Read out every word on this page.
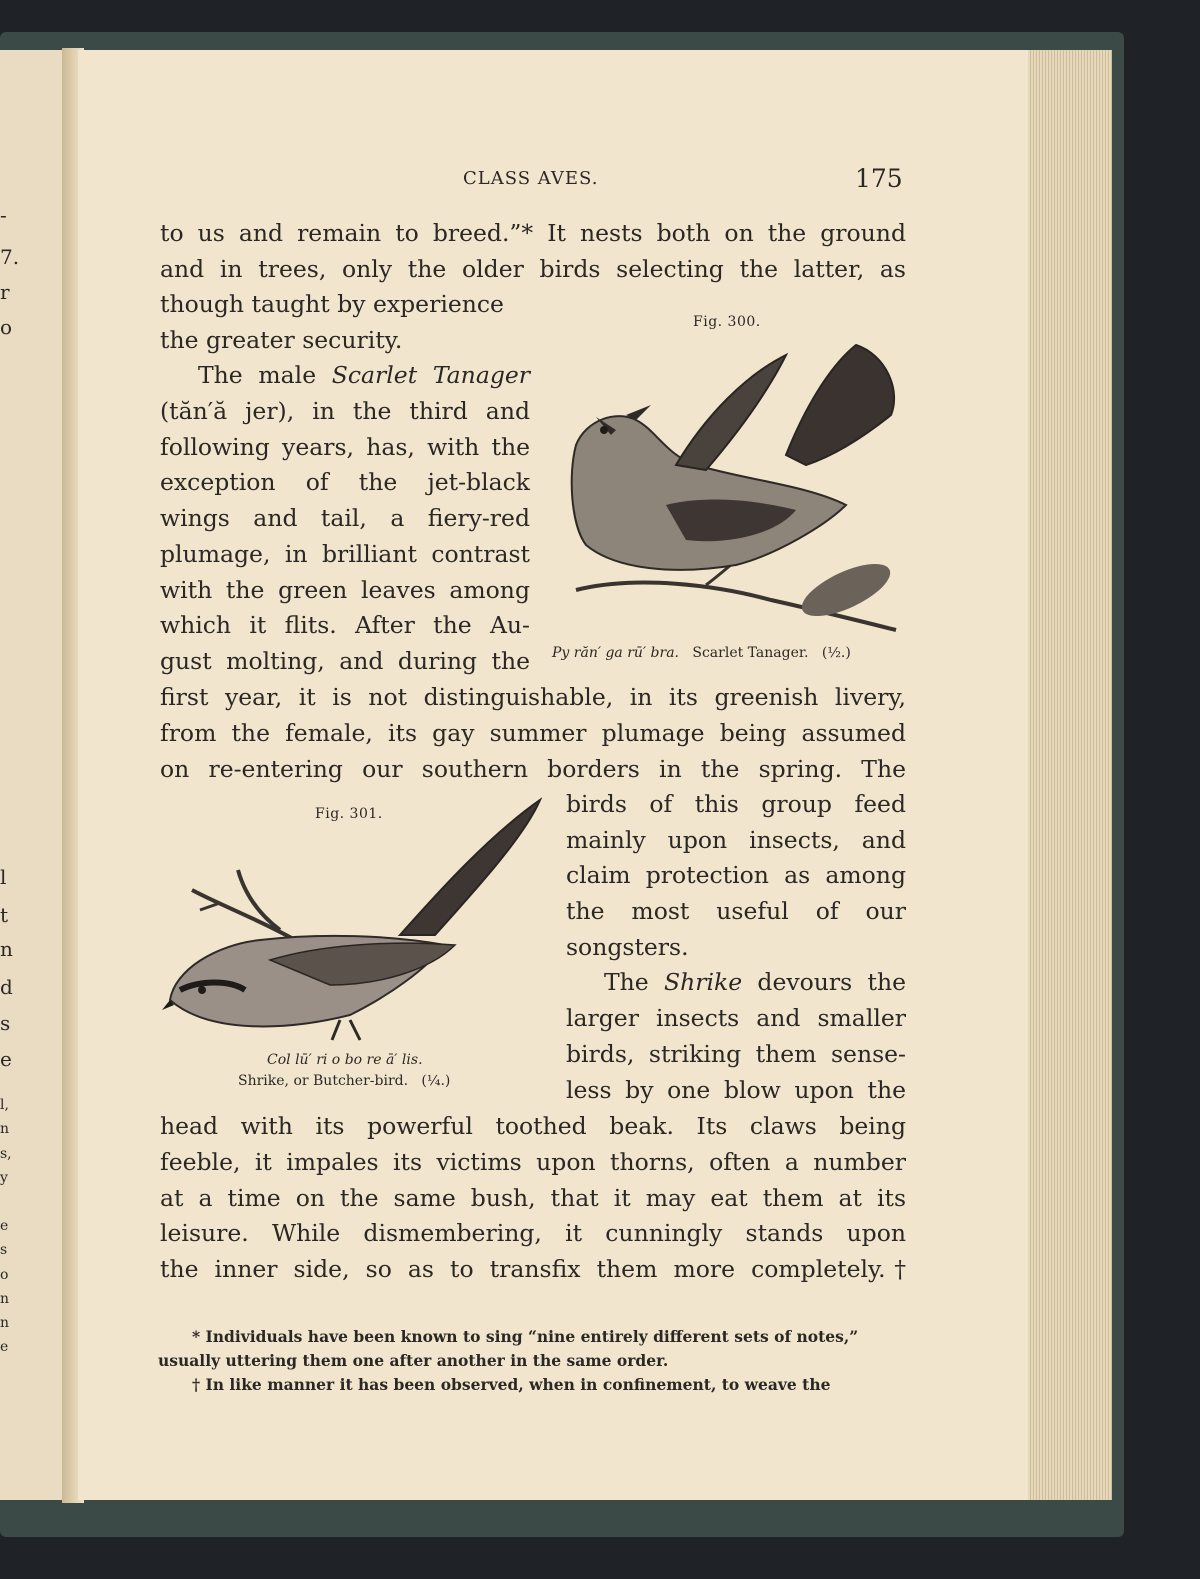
-
7.
r
o
l
t
n
d
s
e
l,
n
s,
y
e
s
o
n
n
e
CLASS AVES.	175
to us and remain to breed.”* It nests both on the ground
and in trees, only the older birds selecting the latter, as
though taught by experience
the greater security.
The male Scarlet Tanager
(tăn′ă jer), in the third and
following years, has, with the
exception of the jet-black
wings and tail, a fiery-red
plumage, in brilliant contrast
with the green leaves among
which it flits. After the Au-
gust molting, and during the
first year, it is not distinguishable, in its greenish livery,
from the female, its gay summer plumage being assumed
on re-entering our southern borders in the spring. The
birds of this group feed
mainly upon insects, and
claim protection as among
the most useful of our
songsters.
The Shrike devours the
larger insects and smaller
birds, striking them sense-
less by one blow upon the
head with its powerful toothed beak. Its claws being
feeble, it impales its victims upon thorns, often a number
at a time on the same bush, that it may eat them at its
leisure. While dismembering, it cunningly stands upon
the inner side, so as to transfix them more completely.†
Fig. 300.
Py răn′ ga rū′ bra. Scarlet Tanager. (½.)
Fig. 301.
Col lū′ ri o bo re ā′ lis.
Shrike, or Butcher-bird. (¼.)
* Individuals have been known to sing “nine entirely different sets of notes,”
usually uttering them one after another in the same order.
† In like manner it has been observed, when in confinement, to weave the
